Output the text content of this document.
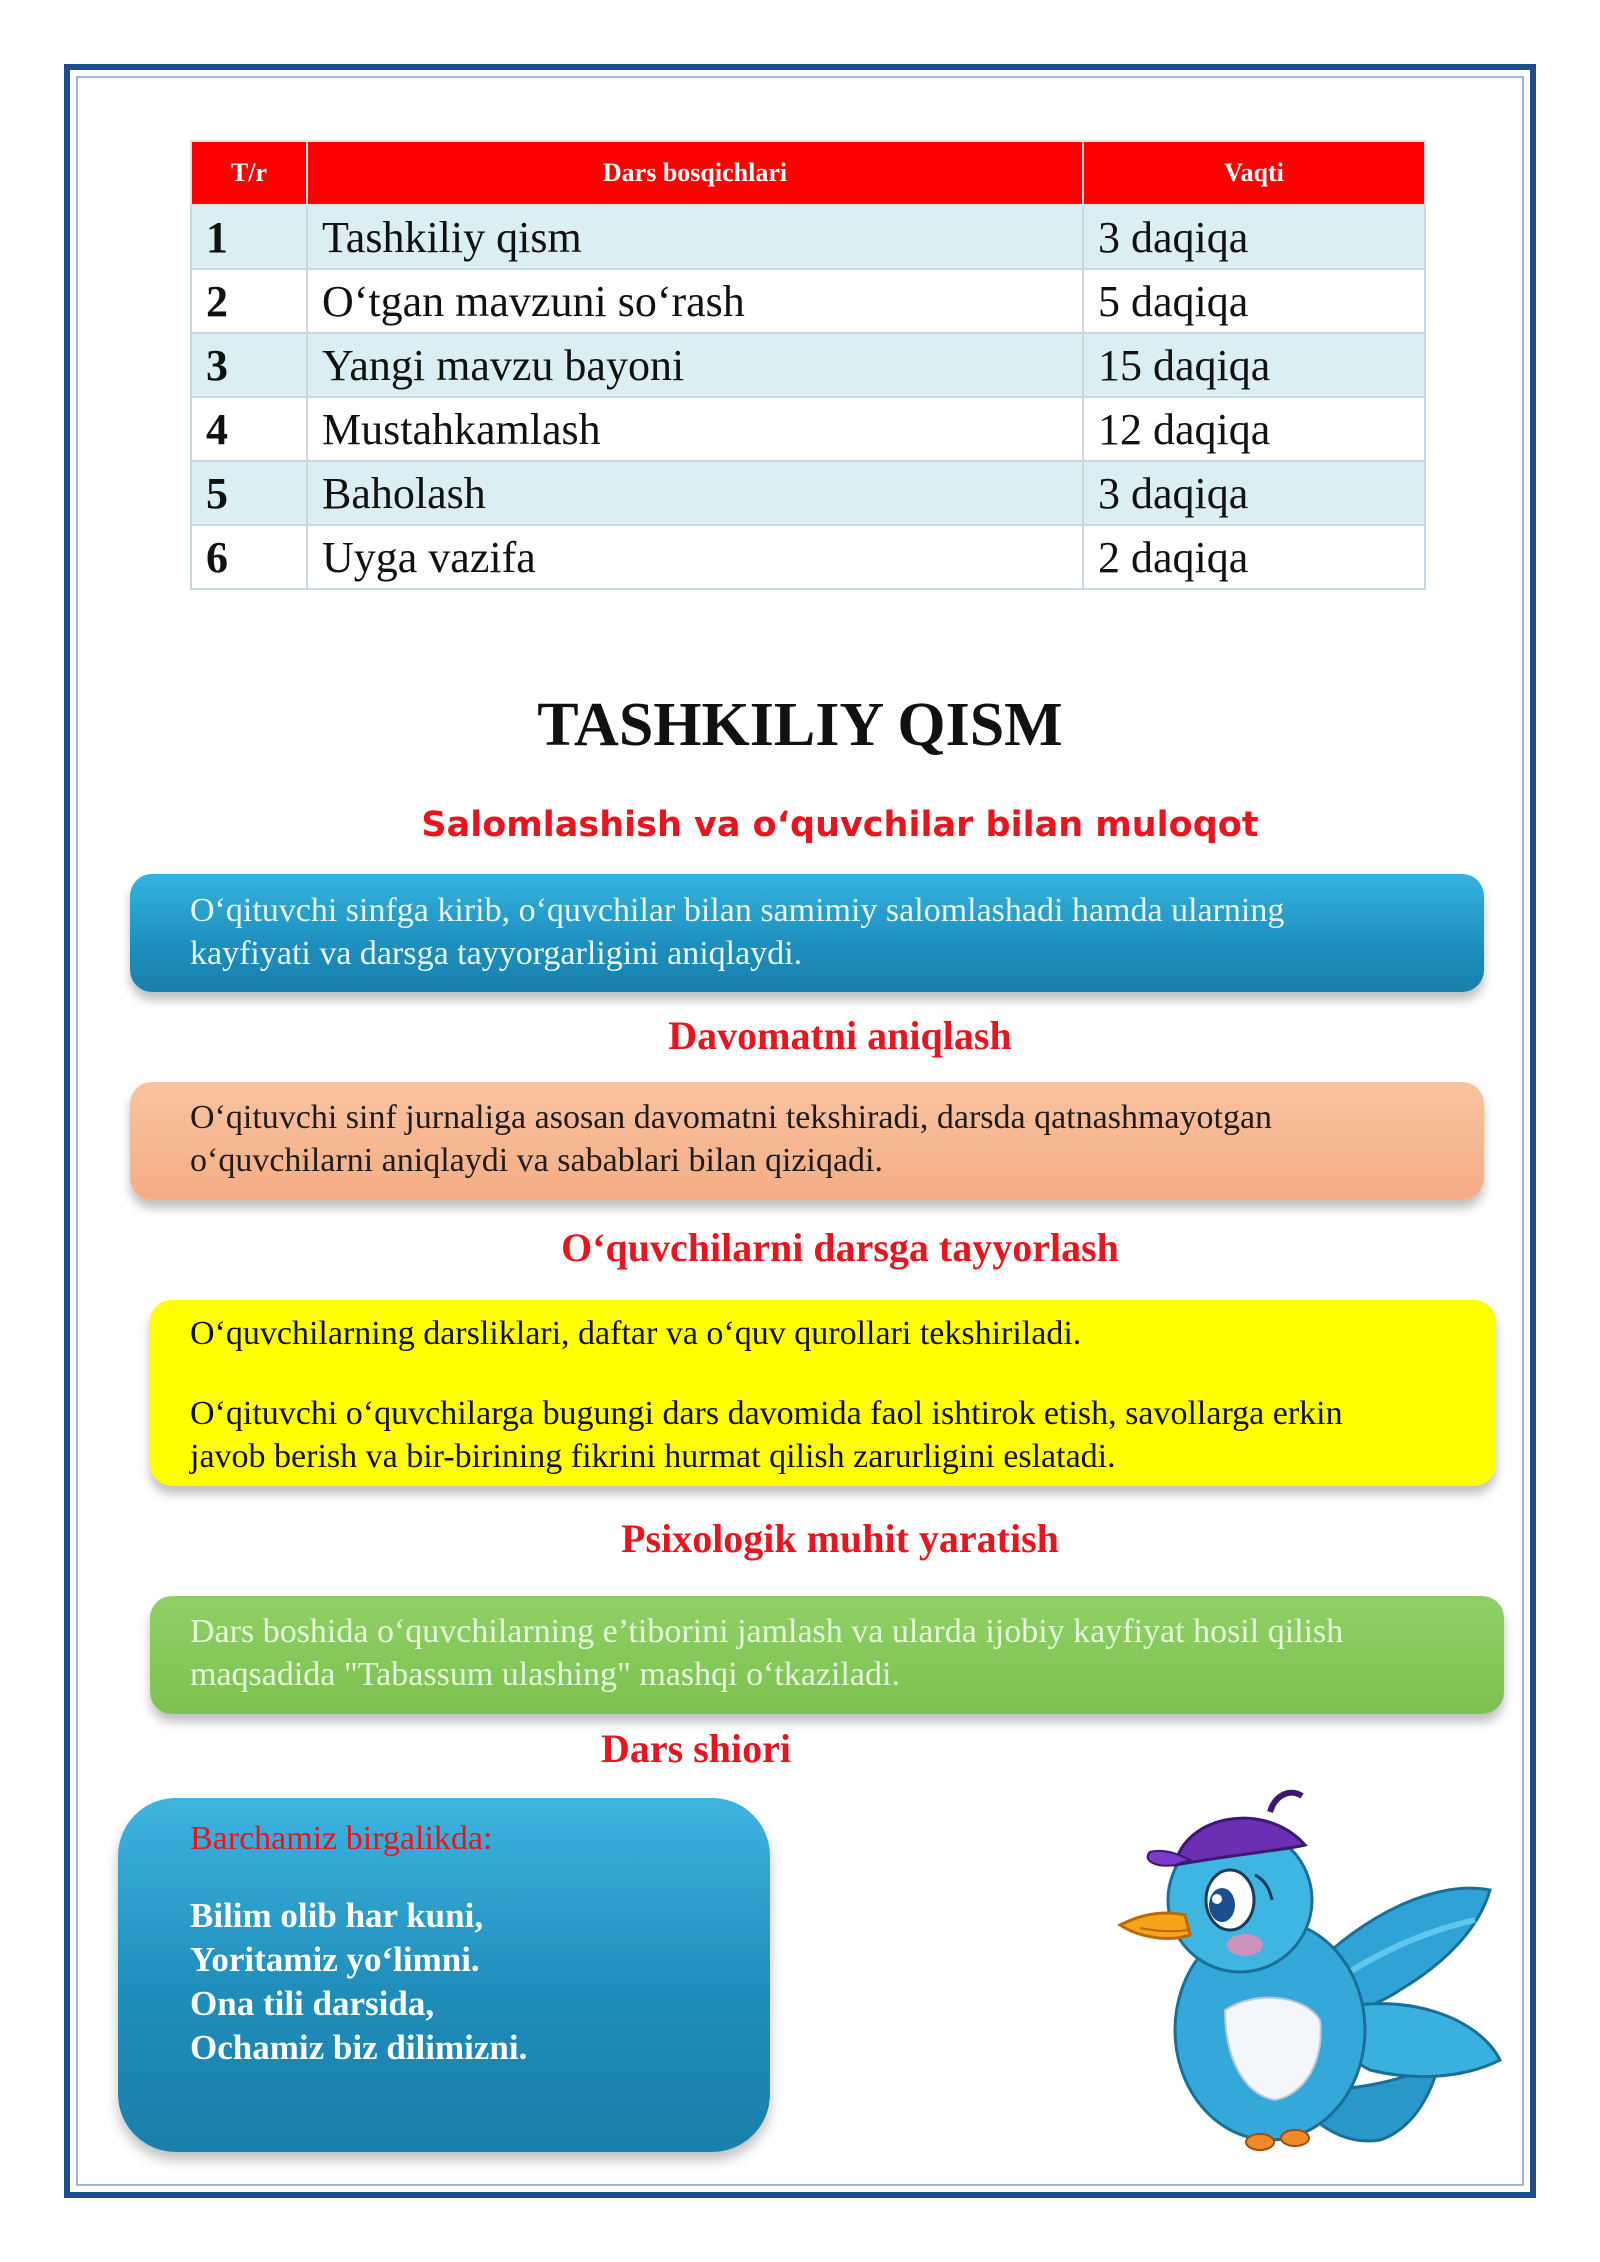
T/r	Dars bosqichlari	Vaqti
1	Tashkiliy qism	3 daqiqa
2	O‘tgan mavzuni so‘rash	5 daqiqa
3	Yangi mavzu bayoni	15 daqiqa
4	Mustahkamlash	12 daqiqa
5	Baholash	3 daqiqa
6	Uyga vazifa	2 daqiqa
TASHKILIY QISM
Salomlashish va o‘quvchilar bilan muloqot

O‘qituvchi sinfga kirib, o‘quvchilar bilan samimiy salomlashadi hamda ularning

kayfiyati va darsga tayyorgarligini aniqlaydi.

Davomatni aniqlash

O‘qituvchi sinf jurnaliga asosan davomatni tekshiradi, darsda qatnashmayotgan

o‘quvchilarni aniqlaydi va sabablari bilan qiziqadi.

O‘quvchilarni darsga tayyorlash

O‘quvchilarning darsliklari, daftar va o‘quv qurollari tekshiriladi.

O‘qituvchi o‘quvchilarga bugungi dars davomida faol ishtirok etish, savollarga erkin

javob berish va bir-birining fikrini hurmat qilish zarurligini eslatadi.

Psixologik muhit yaratish

Dars boshida o‘quvchilarning e’tiborini jamlash va ularda ijobiy kayfiyat hosil qilish

maqsadida "Tabassum ulashing" mashqi o‘tkaziladi.

Dars shiori

Barchamiz birgalikda:

Bilim olib har kuni,

Yoritamiz yo‘limni.

Ona tili darsida,

Ochamiz biz dilimizni.
